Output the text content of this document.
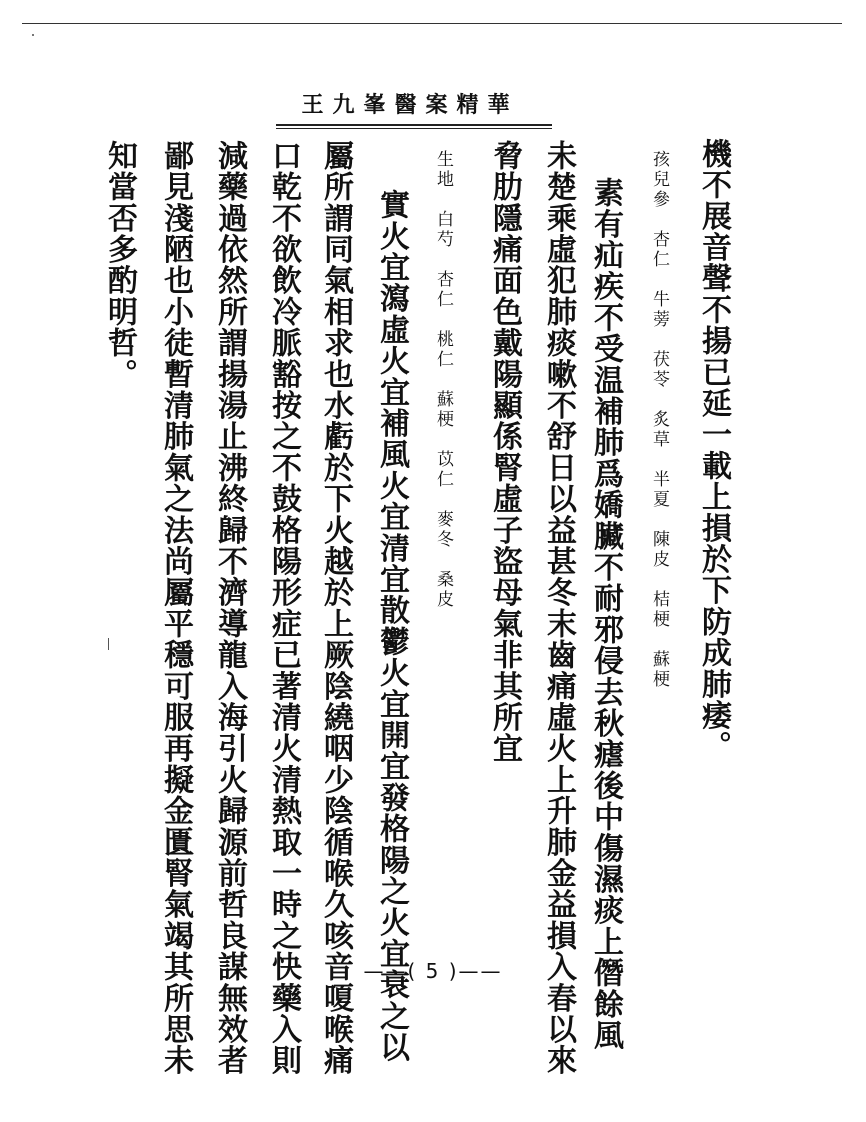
王九峯醫案精華
機不展音聲不揚已延一載上損於下防成肺痿。
孩兒參　杏仁　牛蒡　茯苓　炙草　半夏　陳皮　桔梗　蘇梗
　素有疝疾不受温補肺爲嬌臟不耐邪侵去秋瘧後中傷濕痰上僭餘風
未楚乘虛犯肺痰嗽不舒日以益甚冬末齒痛虛火上升肺金益損入春以來
脅肋隱痛面色戴陽顯係腎虛子盜母氣非其所宜
生地　白芍　杏仁　桃仁　蘇梗　苡仁　麥冬　桑皮
　實火宜瀉虛火宜補風火宜清宜散鬱火宜開宜發格陽之火宜衰之以
屬所謂同氣相求也水虧於下火越於上厥陰繞咽少陰循喉久咳音嗄喉痛
口乾不欲飲冷脈豁按之不鼓格陽形症已著清火清熱取一時之快藥入則
減藥過依然所謂揚湯止沸終歸不濟導龍入海引火歸源前哲良謀無效者
鄙見淺陋也小徒暫清肺氣之法尚屬平穩可服再擬金匱腎氣竭其所思未
知當否多酌明哲。
——( 5 )——
